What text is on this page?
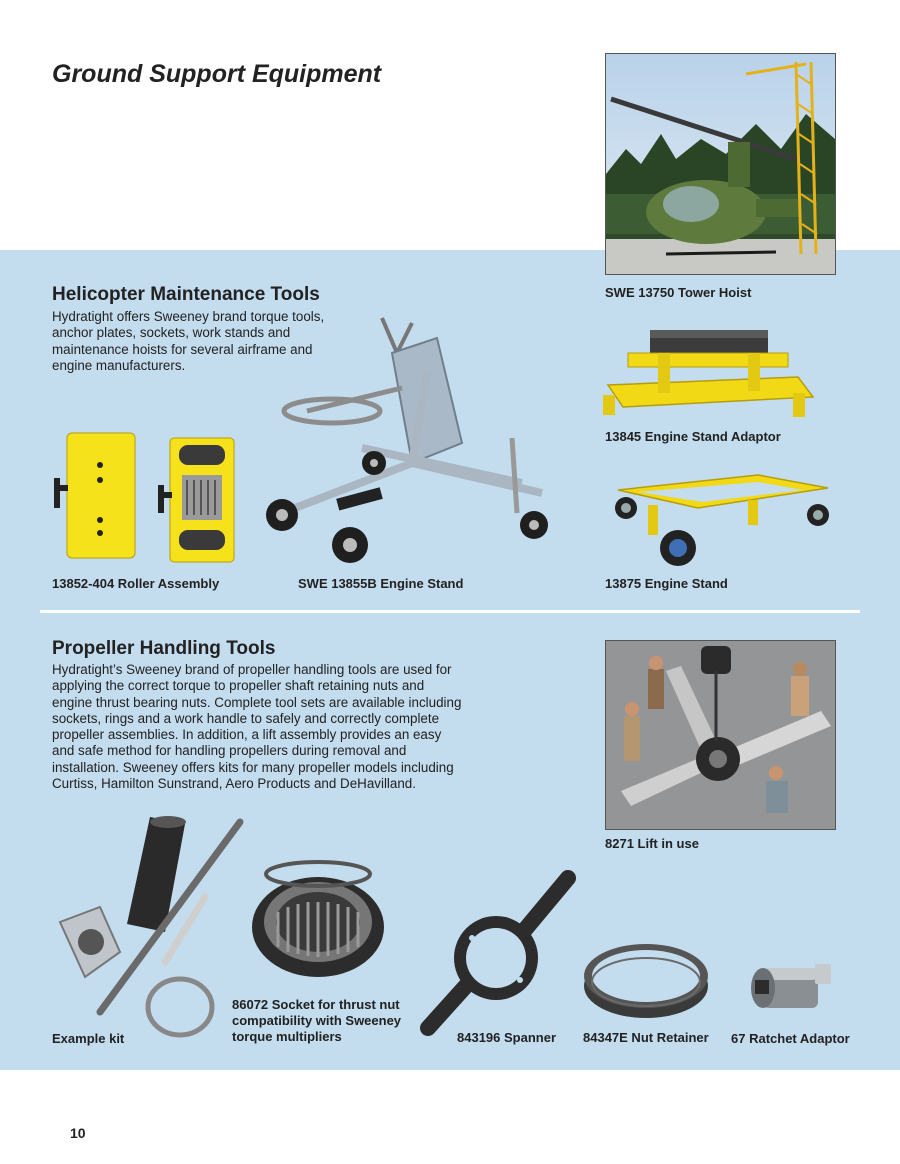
Ground Support Equipment
SWE 13750 Tower Hoist
Helicopter Maintenance Tools

Hydratight offers Sweeney brand torque tools, anchor plates, sockets, work stands and maintenance hoists for several airframe and engine manufacturers.

13845 Engine Stand Adaptor
13875 Engine Stand
13852-404 Roller Assembly	SWE 13855B Engine Stand
Propeller Handling Tools

Hydratight’s Sweeney brand of propeller handling tools are used for applying the correct torque to propeller shaft retaining nuts and engine thrust bearing nuts. Complete tool sets are available including sockets, rings and a work handle to safely and correctly complete propeller assemblies. In addition, a lift assembly provides an easy and safe method for handling propellers during removal and installation. Sweeney offers kits for many propeller models including Curtiss, Hamilton Sunstrand, Aero Products and DeHavilland.

8271 Lift in use
Example kit
86072 Socket for thrust nut compatibility with Sweeney torque multipliers	843196 Spanner 84347E Nut Retainer 67 Ratchet Adaptor
10
